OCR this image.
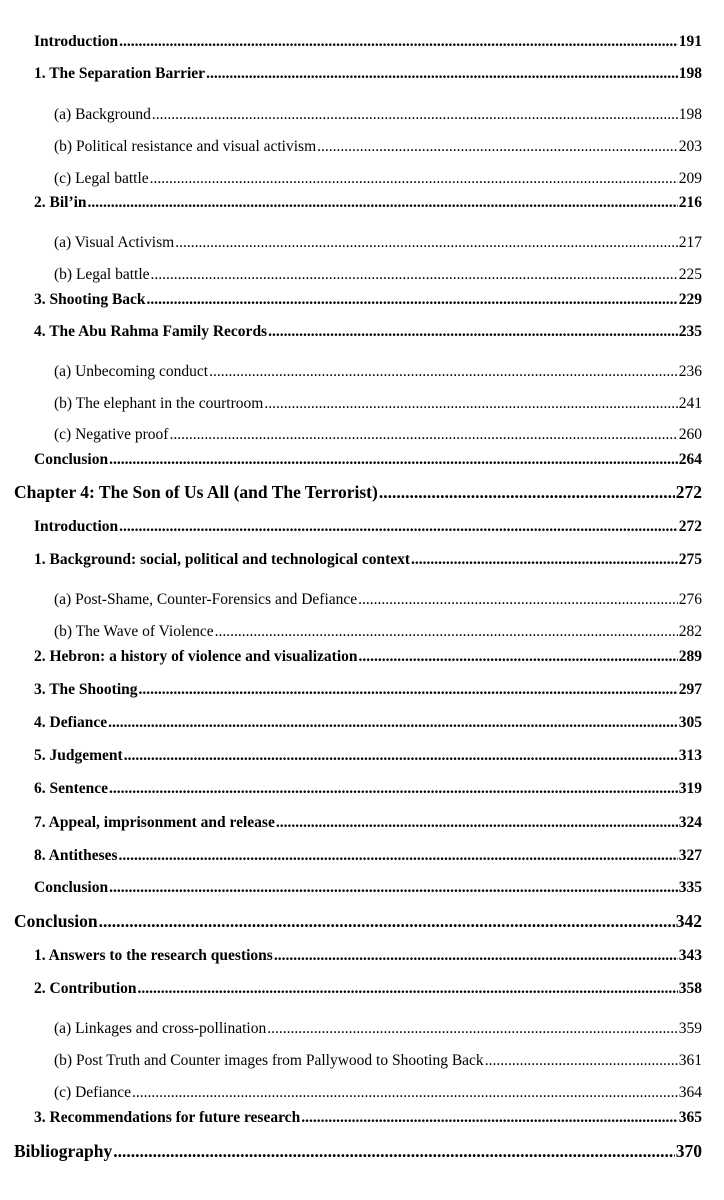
Introduction .....	191
1. The Separation Barrier .....	198
(a) Background .....	198
(b) Political resistance and visual activism .....	203
(c) Legal battle .....	209
2. Bil’in .....	216
(a) Visual Activism .....	217
(b) Legal battle .....	225
3. Shooting Back .....	229
4. The Abu Rahma Family Records .....	235
(a) Unbecoming conduct .....	236
(b) The elephant in the courtroom .....	241
(c) Negative proof .....	260
Conclusion .....	264
Chapter 4: The Son of Us All (and The Terrorist) .....	272
Introduction .....	272
1. Background: social, political and technological context .....	275
(a) Post-Shame, Counter-Forensics and Defiance .....	276
(b) The Wave of Violence .....	282
2. Hebron: a history of violence and visualization .....	289
3. The Shooting .....	297
4. Defiance .....	305
5. Judgement .....	313
6. Sentence .....	319
7. Appeal, imprisonment and release .....	324
8. Antitheses .....	327
Conclusion .....	335
Conclusion .....	342
1. Answers to the research questions .....	343
2. Contribution .....	358
(a) Linkages and cross-pollination .....	359
(b) Post Truth and Counter images from Pallywood to Shooting Back .....	361
(c) Defiance .....	364
3. Recommendations for future research .....	365
Bibliography .....	370
